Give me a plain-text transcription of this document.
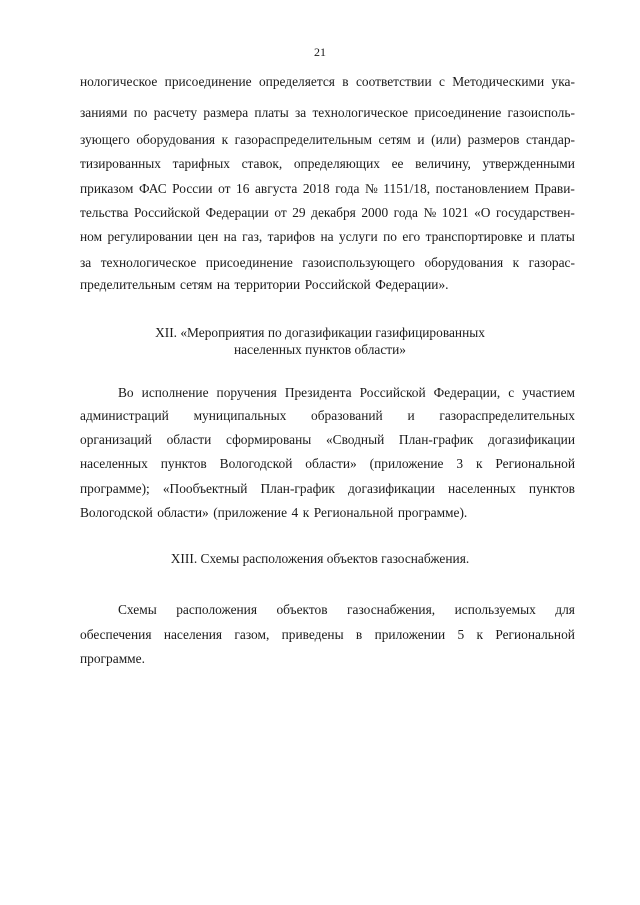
21
нологическое присоединение определяется в соответствии с Методическими ука-
заниями по расчету размера платы за технологическое присоединение газоисполь-
зующего оборудования к газораспределительным сетям и (или) размеров стандар-
тизированных тарифных ставок, определяющих ее величину, утвержденными
приказом ФАС России от 16 августа 2018 года № 1151/18, постановлением Прави-
тельства Российской Федерации от 29 декабря 2000 года № 1021 «О государствен-
ном регулировании цен на газ, тарифов на услуги по его транспортировке и платы
за технологическое присоединение газоиспользующего оборудования к газорас-
пределительным сетям на территории Российской Федерации».
XII. «Мероприятия по догазификации газифицированных
населенных пунктов области»
Во исполнение поручения Президента Российской Федерации, с участием
администраций муниципальных образований и газораспределительных
организаций области сформированы «Сводный План-график догазификации
населенных пунктов Вологодской области» (приложение 3 к Региональной
программе); «Пообъектный План-график догазификации населенных пунктов
Вологодской области» (приложение 4 к Региональной программе).
XIII. Схемы расположения объектов газоснабжения.
Схемы расположения объектов газоснабжения, используемых для
обеспечения населения газом, приведены в приложении 5 к Региональной
программе.
